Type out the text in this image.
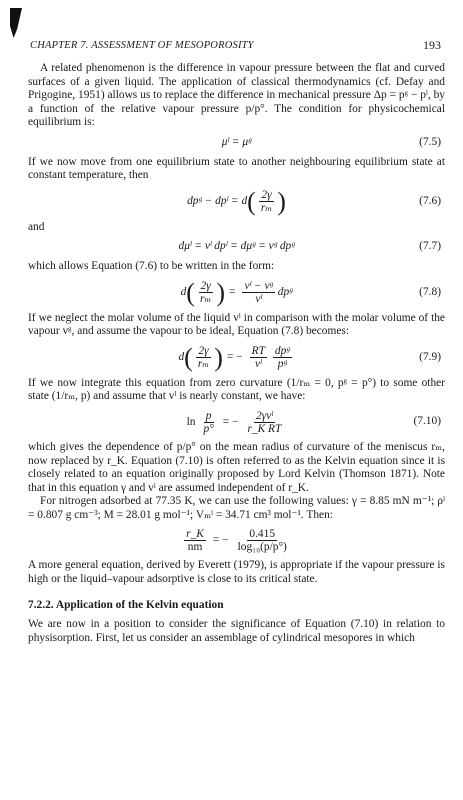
CHAPTER 7. ASSESSMENT OF MESOPOROSITY	193

A related phenomenon is the difference in vapour pressure between the flat and curved surfaces of a given liquid. The application of classical thermodynamics (cf. Defay and Prigogine, 1951) allows us to replace the difference in mechanical pressure Δp = pᵍ − pˡ, by a function of the relative vapour pressure p/p°. The condition for physicochemical equilibrium is:

μˡ = μᵍ	(7.5)

If we now move from one equilibrium state to another neighbouring equilibrium state at constant temperature, then

dpᵍ − dpˡ = d ( $\frac{2\gamma}{\text{rₘ}}$ )	(7.6)

and

dμˡ = vˡ dpˡ = dμᵍ = vᵍ dpᵍ	(7.7)

which allows Equation (7.6) to be written in the form:

d ( $\frac{2\gamma}{\text{rₘ}}$ ) = $\frac{\text{vˡ − vᵍ}}{\text{vˡ}}$ dpᵍ	(7.8)

If we neglect the molar volume of the liquid vˡ in comparison with the molar volume of the vapour vᵍ, and assume the vapour to be ideal, Equation (7.8) becomes:

d ( $\frac{2\gamma}{\text{rₘ}}$ ) = − $\frac{RT}{\text{vˡ}} \frac{\text{dpᵍ}}{\text{pᵍ}}$	(7.9)

If we now integrate this equation from zero curvature (1/rₘ = 0, pᵍ = p°) to some other state (1/rₘ, p) and assume that vˡ is nearly constant, we have:

$\ln \frac{p}{p^\circ}$ = − $\frac{\text{2γvˡ}}{\text{r\_K RT}}$	(7.10)

which gives the dependence of p/p° on the mean radius of curvature of the meniscus rₘ, now replaced by r_K. Equation (7.10) is often referred to as the Kelvin equation since it is closely related to an equation originally proposed by Lord Kelvin (Thomson 1871). Note that in this equation γ and vˡ are assumed independent of r_K.

For nitrogen adsorbed at 77.35 K, we can use the following values: γ = 8.85 mN m⁻¹; ρˡ = 0.807 g cm⁻³; M = 28.01 g mol⁻¹; Vₘˡ = 34.71 cm³ mol⁻¹. Then:

$\frac{r\_K}{nm}$ = − $\frac{0.415}{\text{log₁₀(p/p°)}}$

A more general equation, derived by Everett (1979), is appropriate if the vapour pressure is high or the liquid–vapour adsorptive is close to its critical state.

7.2.2. Application of the Kelvin equation

We are now in a position to consider the significance of Equation (7.10) in relation to physisorption. First, let us consider an assemblage of cylindrical mesopores in which
